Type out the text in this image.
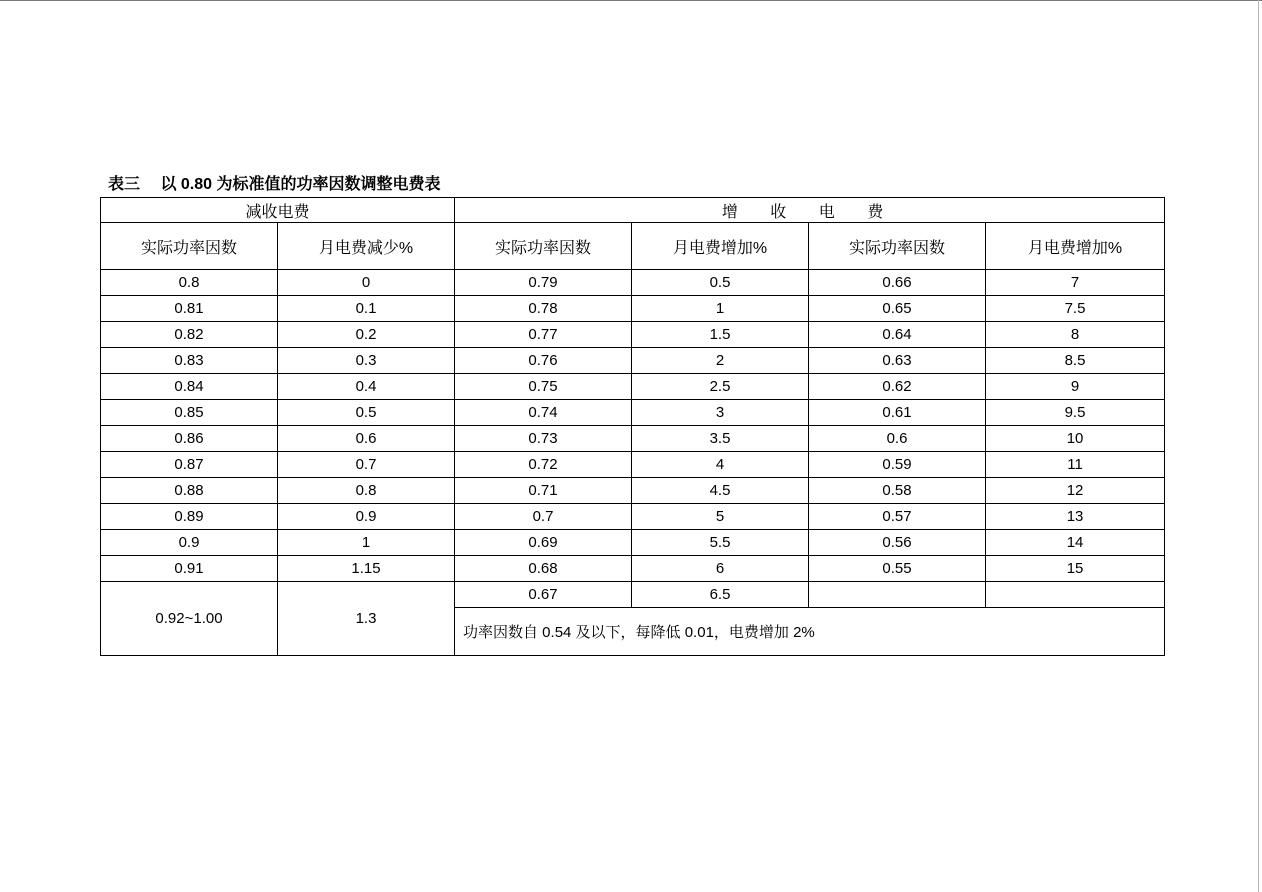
表三　 以 0.80 为标准值的功率因数调整电费表
减收电费		增 收 电 费			
实际功率因数	月电费减少%	实际功率因数	月电费增加%	实际功率因数	月电费增加%
0.8	0	0.79	0.5	0.66	7
0.81	0.1	0.78	1	0.65	7.5
0.82	0.2	0.77	1.5	0.64	8
0.83	0.3	0.76	2	0.63	8.5
0.84	0.4	0.75	2.5	0.62	9
0.85	0.5	0.74	3	0.61	9.5
0.86	0.6	0.73	3.5	0.6	10
0.87	0.7	0.72	4	0.59	11
0.88	0.8	0.71	4.5	0.58	12
0.89	0.9	0.7	5	0.57	13
0.9	1	0.69	5.5	0.56	14
0.91	1.15	0.68	6	0.55	15
0.92~1.00	1.3	0.67	6.5		
		功率因数自 0.54 及以下，每降低 0.01，电费增加 2%			
